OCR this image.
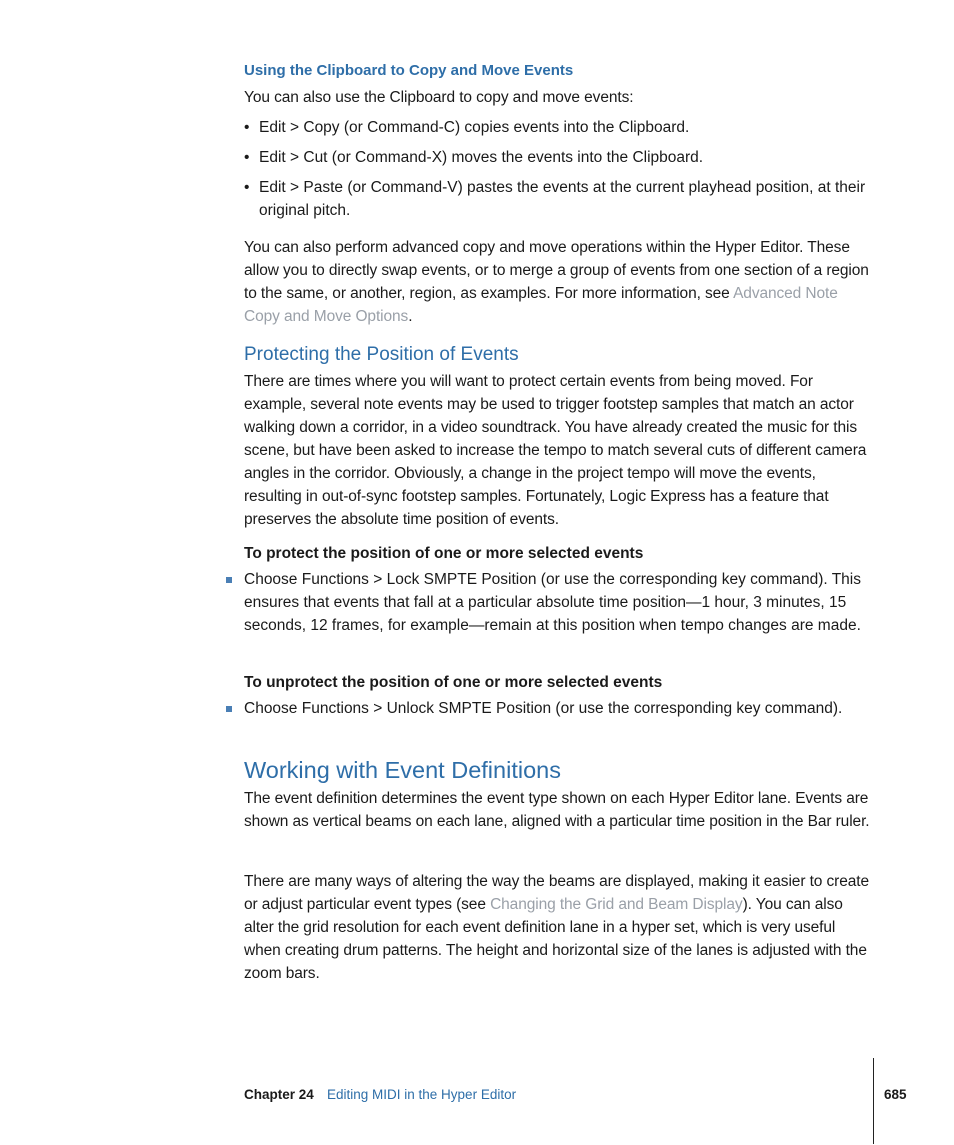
Using the Clipboard to Copy and Move Events

You can also use the Clipboard to copy and move events:

• Edit > Copy (or Command-C) copies events into the Clipboard.
• Edit > Cut (or Command-X) moves the events into the Clipboard.
• Edit > Paste (or Command-V) pastes the events at the current playhead position, at their original pitch.

You can also perform advanced copy and move operations within the Hyper Editor. These allow you to directly swap events, or to merge a group of events from one section of a region to the same, or another, region, as examples. For more information, see Advanced Note Copy and Move Options.

Protecting the Position of Events

There are times where you will want to protect certain events from being moved. For example, several note events may be used to trigger footstep samples that match an actor walking down a corridor, in a video soundtrack. You have already created the music for this scene, but have been asked to increase the tempo to match several cuts of different camera angles in the corridor. Obviously, a change in the project tempo will move the events, resulting in out-of-sync footstep samples. Fortunately, Logic Express has a feature that preserves the absolute time position of events.

To protect the position of one or more selected events
Choose Functions > Lock SMPTE Position (or use the corresponding key command). This ensures that events that fall at a particular absolute time position—1 hour, 3 minutes, 15 seconds, 12 frames, for example—remain at this position when tempo changes are made.
To unprotect the position of one or more selected events
Choose Functions > Unlock SMPTE Position (or use the corresponding key command).
Working with Event Definitions

The event definition determines the event type shown on each Hyper Editor lane. Events are shown as vertical beams on each lane, aligned with a particular time position in the Bar ruler.

There are many ways of altering the way the beams are displayed, making it easier to create or adjust particular event types (see Changing the Grid and Beam Display). You can also alter the grid resolution for each event definition lane in a hyper set, which is very useful when creating drum patterns. The height and horizontal size of the lanes is adjusted with the zoom bars.

Chapter 24 Editing MIDI in the Hyper Editor	685
